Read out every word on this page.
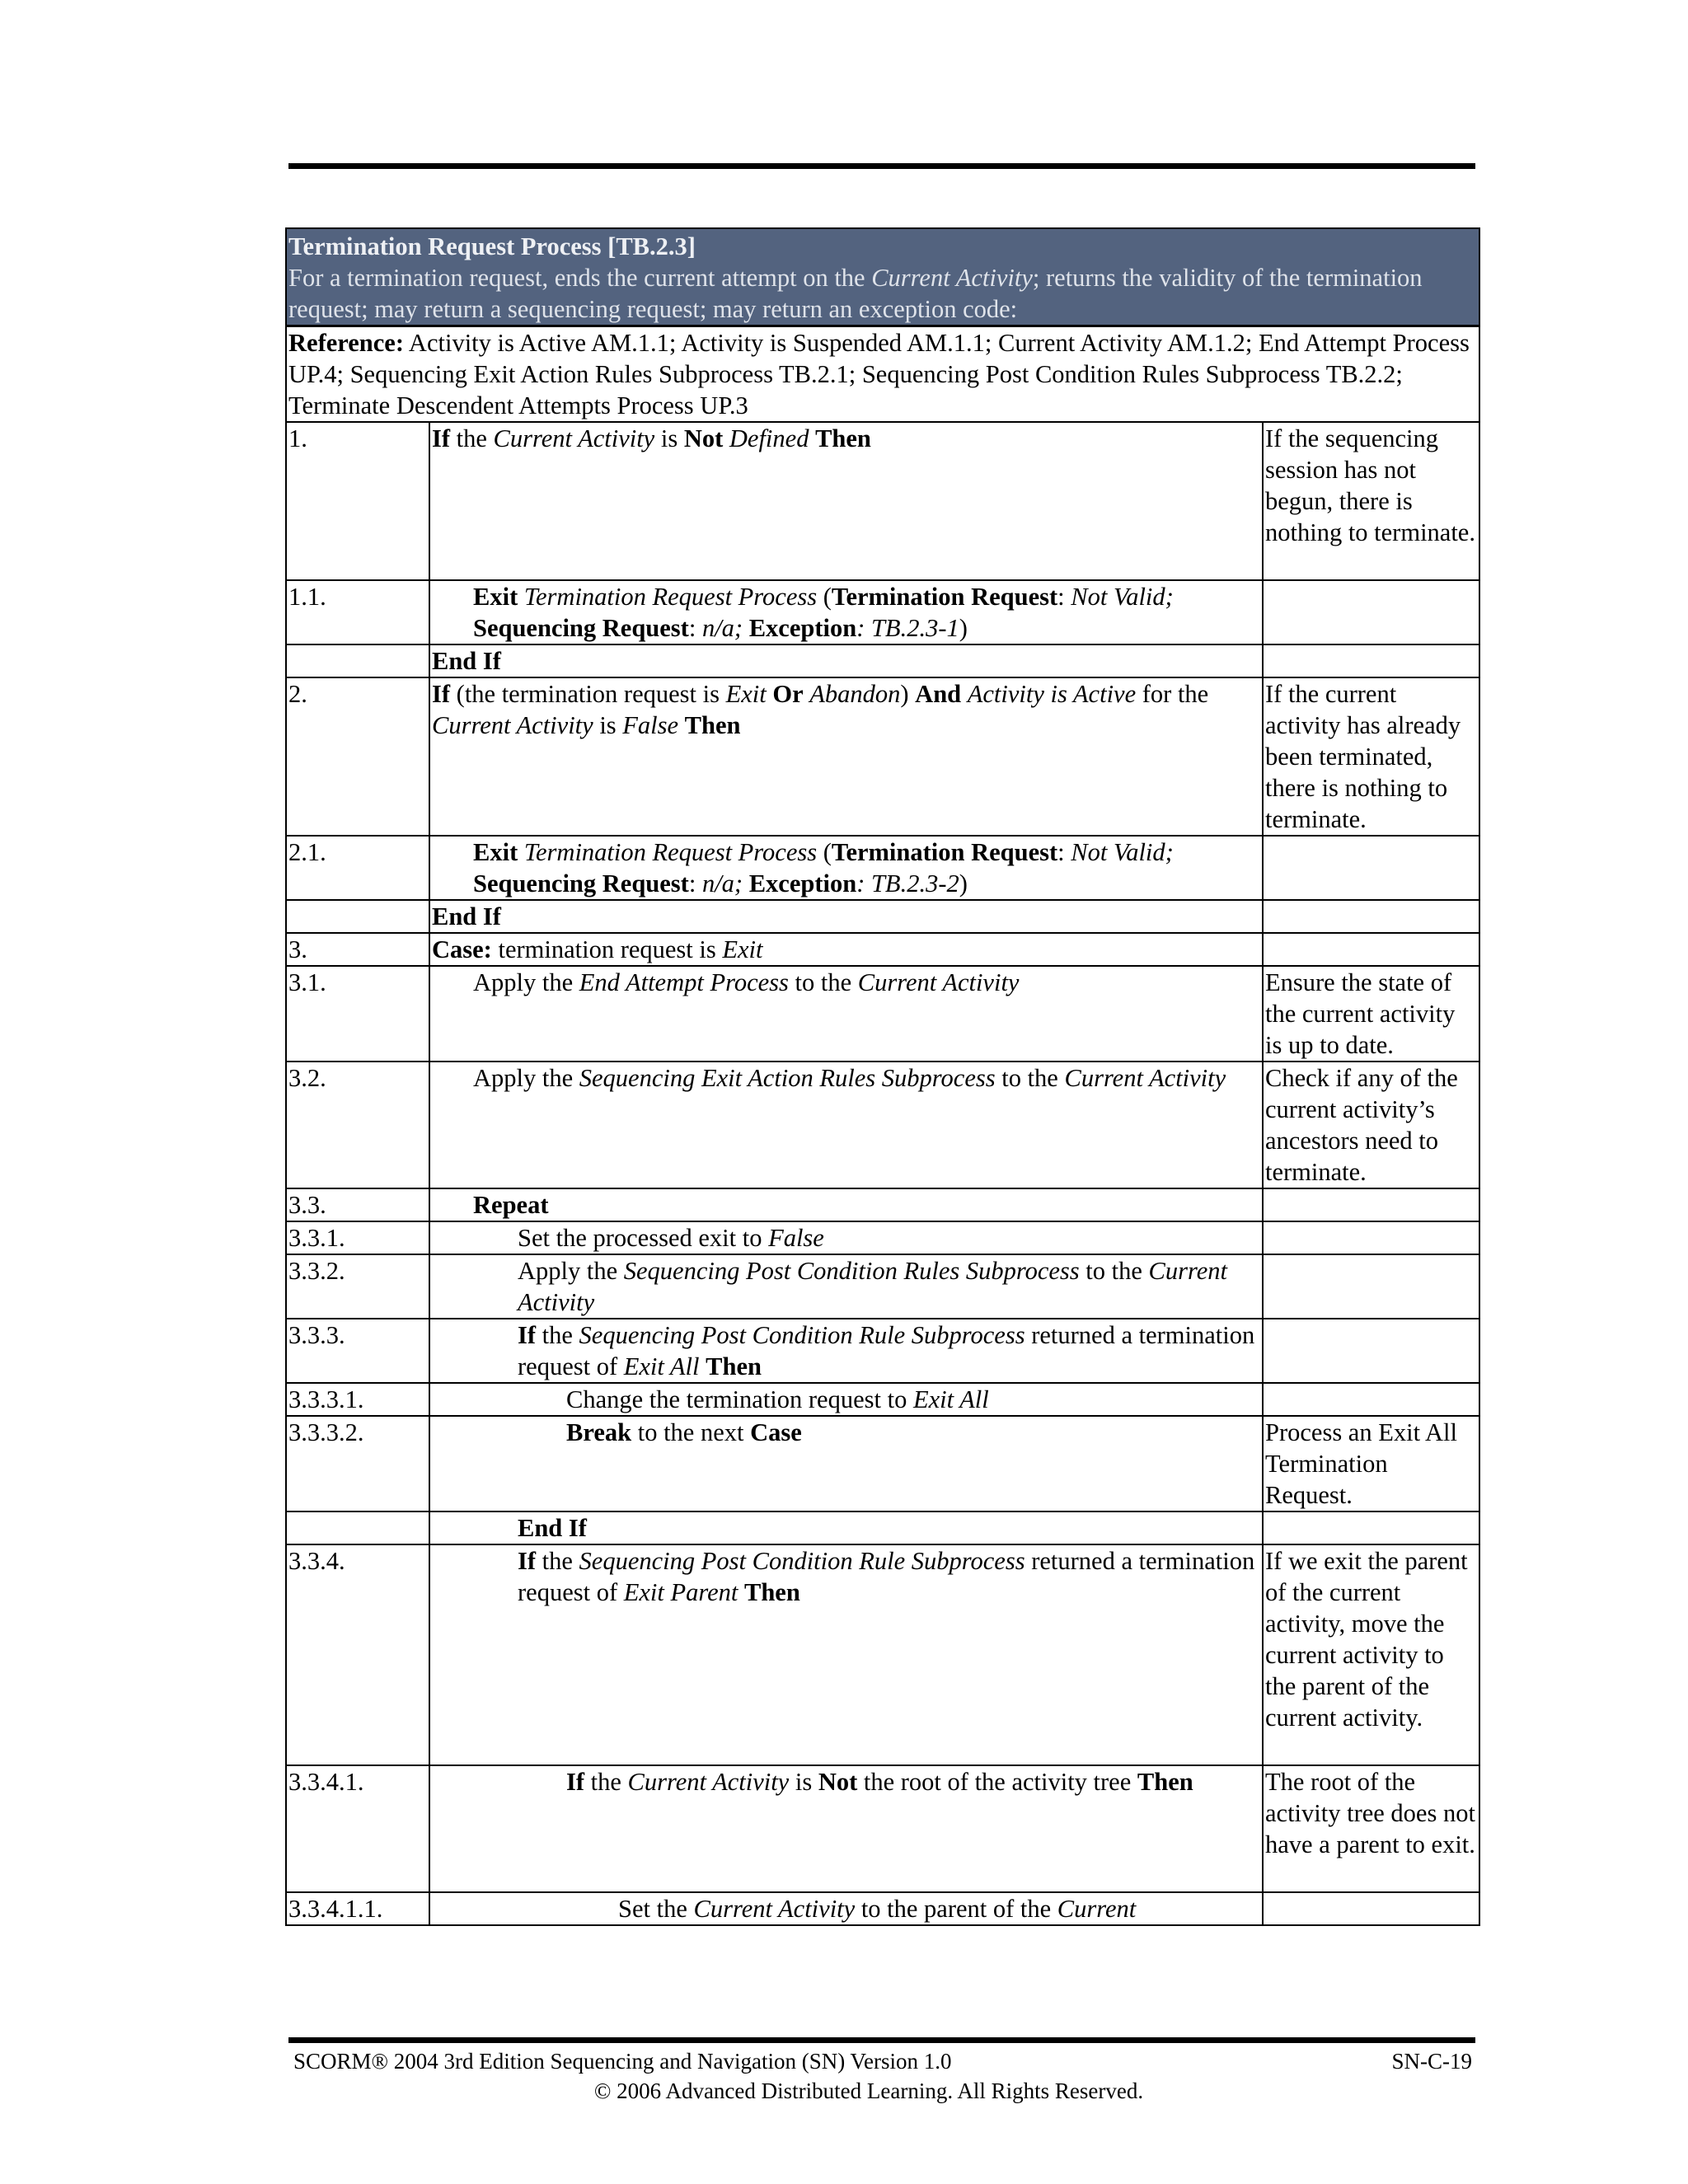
Termination Request Process [TB.2.3]
For a termination request, ends the current attempt on the Current Activity; returns the validity of the termination request; may return a sequencing request; may return an exception code:		

Reference: Activity is Active AM.1.1; Activity is Suspended AM.1.1; Current Activity AM.1.2; End Attempt Process UP.4; Sequencing Exit Action Rules Subprocess TB.2.1; Sequencing Post Condition Rules Subprocess TB.2.2; Terminate Descendent Attempts Process UP.3		
1.	If the Current Activity is Not Defined Then	If the sequencing session has not begun, there is nothing to terminate.
1.1.	Exit Termination Request Process (Termination Request: Not Valid; Sequencing Request: n/a; Exception: TB.2.3-1)	
	End If	
2.	If (the termination request is Exit Or Abandon) And Activity is Active for the Current Activity is False Then	If the current activity has already been terminated, there is nothing to terminate.
2.1.	Exit Termination Request Process (Termination Request: Not Valid; Sequencing Request: n/a; Exception: TB.2.3-2)	
	End If	
3.	Case: termination request is Exit	
3.1.	Apply the End Attempt Process to the Current Activity	Ensure the state of the current activity is up to date.
3.2.	Apply the Sequencing Exit Action Rules Subprocess to the Current Activity	Check if any of the current activity’s ancestors need to terminate.
3.3.	Repeat	
3.3.1.	Set the processed exit to False	
3.3.2.	Apply the Sequencing Post Condition Rules Subprocess to the Current Activity	
3.3.3.	If the Sequencing Post Condition Rule Subprocess returned a termination request of Exit All Then	
3.3.3.1.	Change the termination request to Exit All	
3.3.3.2.	Break to the next Case	Process an Exit All Termination Request.
	End If	
3.3.4.	If the Sequencing Post Condition Rule Subprocess returned a termination request of Exit Parent Then	If we exit the parent of the current activity, move the current activity to the parent of the current activity.
3.3.4.1.	If the Current Activity is Not the root of the activity tree Then	The root of the activity tree does not have a parent to exit.
3.3.4.1.1.	Set the Current Activity to the parent of the Current	
SCORM® 2004 3rd Edition Sequencing and Navigation (SN) Version 1.0	SN-C-19
© 2006 Advanced Distributed Learning. All Rights Reserved.
